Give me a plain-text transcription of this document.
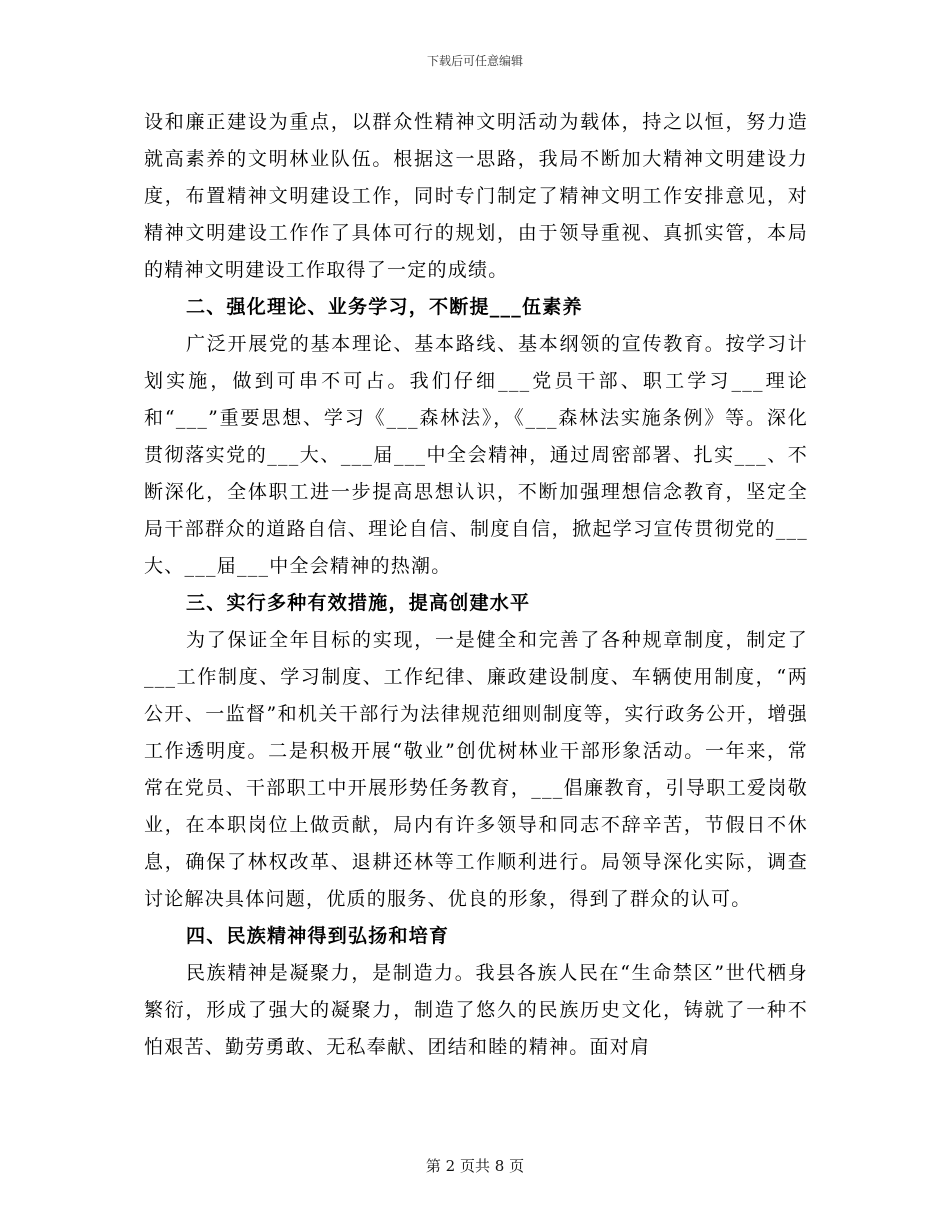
下载后可任意编辑

设和廉正建设为重点，以群众性精神文明活动为载体，持之以恒，努力造就高素养的文明林业队伍。根据这一思路，我局不断加大精神文明建设力度，布置精神文明建设工作，同时专门制定了精神文明工作安排意见，对精神文明建设工作作了具体可行的规划，由于领导重视、真抓实管，本局的精神文明建设工作取得了一定的成绩。

二、强化理论、业务学习，不断提___伍素养

广泛开展党的基本理论、基本路线、基本纲领的宣传教育。按学习计划实施，做到可串不可占。我们仔细___党员干部、职工学习___理论和“___”重要思想、学习《___森林法》，《___森林法实施条例》等。深化贯彻落实党的___大、___届___中全会精神，通过周密部署、扎实___、不断深化，全体职工进一步提高思想认识，不断加强理想信念教育，坚定全局干部群众的道路自信、理论自信、制度自信，掀起学习宣传贯彻党的___大、___届___中全会精神的热潮。

三、实行多种有效措施，提高创建水平

为了保证全年目标的实现，一是健全和完善了各种规章制度，制定了___工作制度、学习制度、工作纪律、廉政建设制度、车辆使用制度，“两公开、一监督”和机关干部行为法律规范细则制度等，实行政务公开，增强工作透明度。二是积极开展“敬业”创优树林业干部形象活动。一年来，常常在党员、干部职工中开展形势任务教育，___倡廉教育，引导职工爱岗敬业，在本职岗位上做贡献，局内有许多领导和同志不辞辛苦，节假日不休息，确保了林权改革、退耕还林等工作顺利进行。局领导深化实际，调查讨论解决具体问题，优质的服务、优良的形象，得到了群众的认可。

四、民族精神得到弘扬和培育

民族精神是凝聚力，是制造力。我县各族人民在“生命禁区”世代栖身繁衍，形成了强大的凝聚力，制造了悠久的民族历史文化，铸就了一种不怕艰苦、勤劳勇敢、无私奉献、团结和睦的精神。面对肩

第 2 页共 8 页
